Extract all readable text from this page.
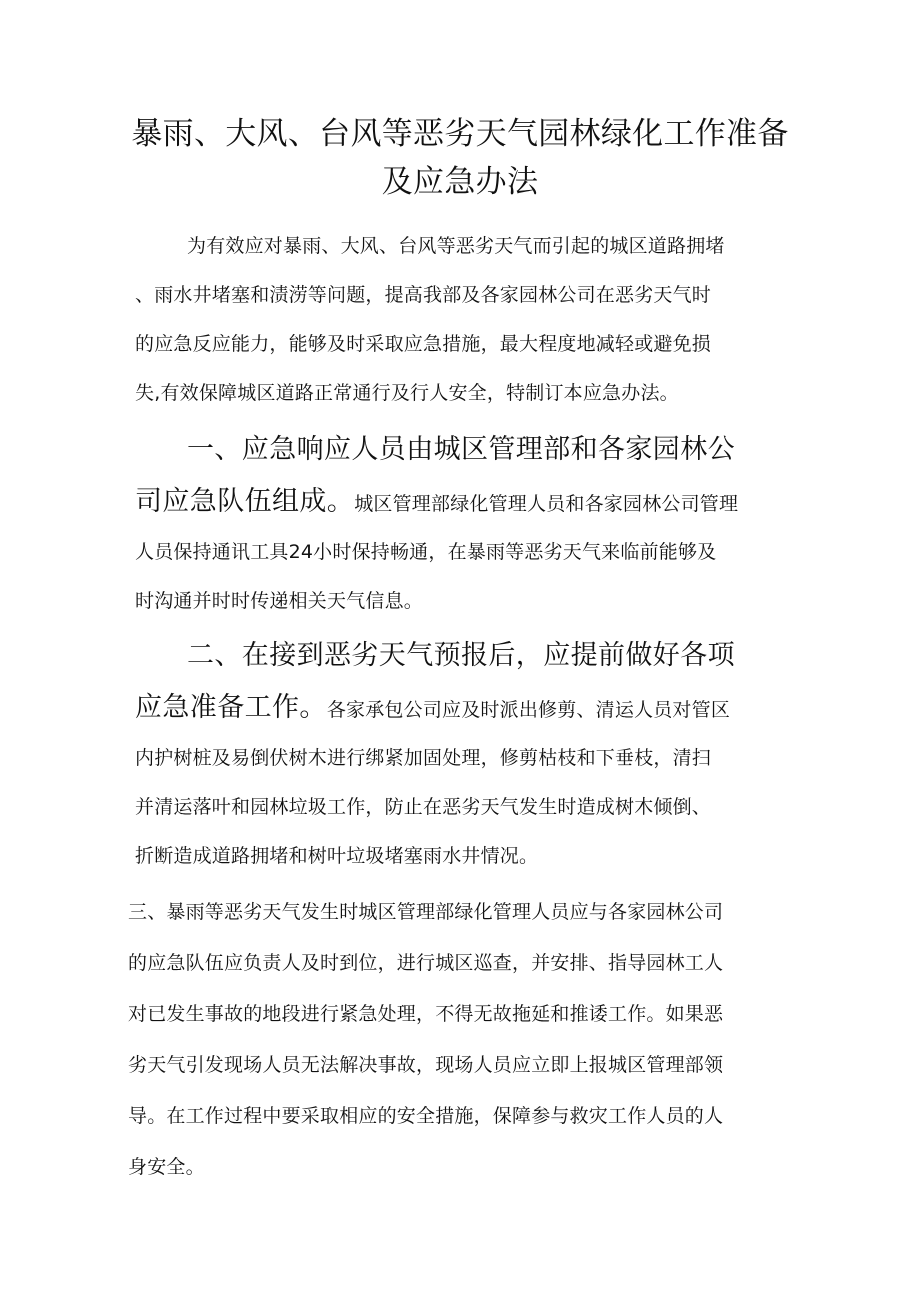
暴雨、大风、台风等恶劣天气园林绿化工作准备
及应急办法
为有效应对暴雨、大风、台风等恶劣天气而引起的城区道路拥堵
、雨水井堵塞和渍涝等问题，提高我部及各家园林公司在恶劣天气时
的应急反应能力，能够及时采取应急措施，最大程度地减轻或避免损
失,有效保障城区道路正常通行及行人安全，特制订本应急办法。
一、应急响应人员由城区管理部和各家园林公
司应急队伍组成。城区管理部绿化管理人员和各家园林公司管理
人员保持通讯工具24小时保持畅通，在暴雨等恶劣天气来临前能够及
时沟通并时时传递相关天气信息。
二、在接到恶劣天气预报后，应提前做好各项
应急准备工作。各家承包公司应及时派出修剪、清运人员对管区
内护树桩及易倒伏树木进行绑紧加固处理，修剪枯枝和下垂枝，清扫
并清运落叶和园林垃圾工作，防止在恶劣天气发生时造成树木倾倒、
折断造成道路拥堵和树叶垃圾堵塞雨水井情况。
三、暴雨等恶劣天气发生时城区管理部绿化管理人员应与各家园林公司
的应急队伍应负责人及时到位，进行城区巡查，并安排、指导园林工人
对已发生事故的地段进行紧急处理，不得无故拖延和推诿工作。如果恶
劣天气引发现场人员无法解决事故，现场人员应立即上报城区管理部领
导。在工作过程中要采取相应的安全措施，保障参与救灾工作人员的人
身安全。
